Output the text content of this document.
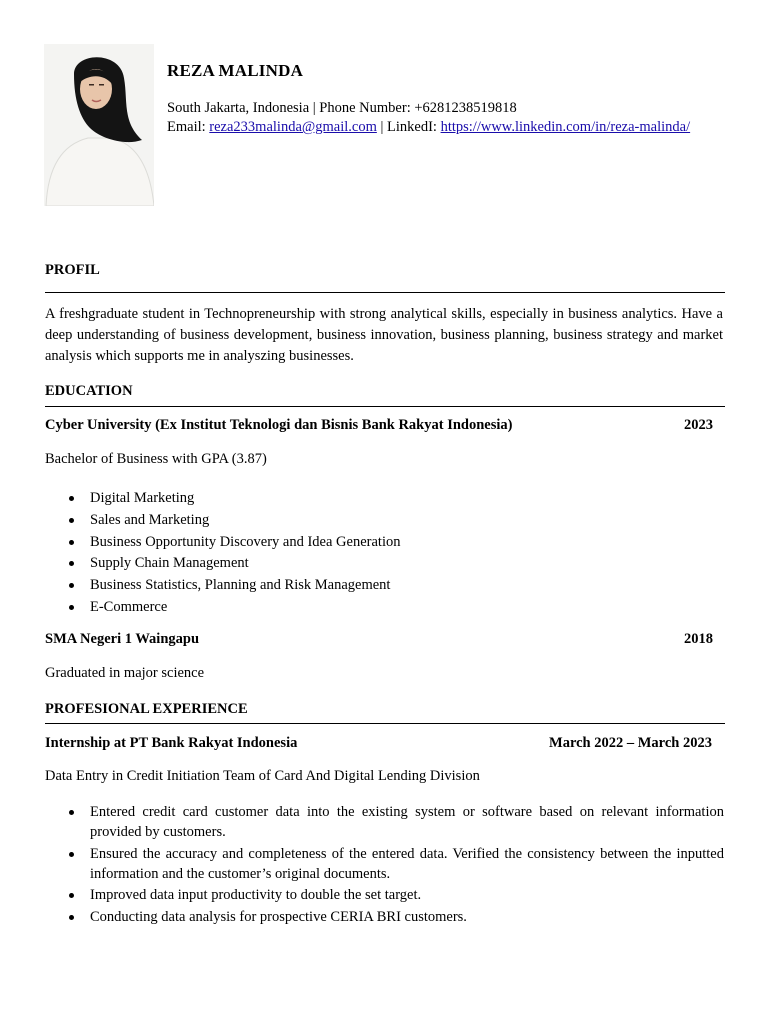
REZA MALINDA
South Jakarta, Indonesia | Phone Number: +6281238519818
Email: reza233malinda@gmail.com | LinkedI: https://www.linkedin.com/in/reza-malinda/
PROFIL
A freshgraduate student in Technopreneurship with strong analytical skills, especially in business analytics. Have a deep understanding of business development, business innovation, business planning, business strategy and market analysis which supports me in analyszing businesses.
EDUCATION
Cyber University (Ex Institut Teknologi dan Bisnis Bank Rakyat Indonesia)	2023
Bachelor of Business with GPA (3.87)
Digital Marketing
Sales and Marketing
Business Opportunity Discovery and Idea Generation
Supply Chain Management
Business Statistics, Planning and Risk Management
E-Commerce
SMA Negeri 1 Waingapu	2018
Graduated in major science
PROFESIONAL EXPERIENCE
Internship at PT Bank Rakyat Indonesia	March 2022 – March 2023
Data Entry in Credit Initiation Team of Card And Digital Lending Division
Entered credit card customer data into the existing system or software based on relevant information provided by customers.
Ensured the accuracy and completeness of the entered data. Verified the consistency between the inputted information and the customer’s original documents.
Improved data input productivity to double the set target.
Conducting data analysis for prospective CERIA BRI customers.
